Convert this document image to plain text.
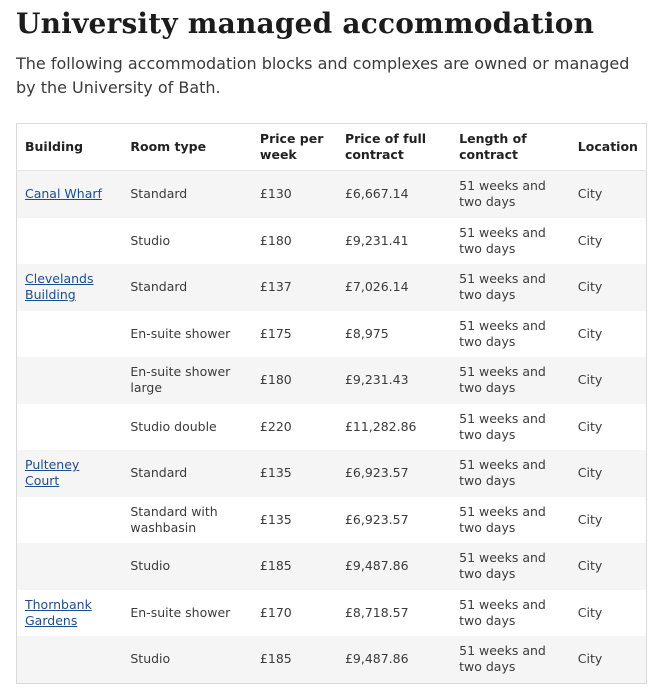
University managed accommodation

The following accommodation blocks and complexes are owned or managed by the University of Bath.

Building	Room type	Price per week	Price of full contract	Length of contract	Location
Canal Wharf	Standard	£130	£6,667.14	51 weeks and two days	City
	Studio	£180	£9,231.41	51 weeks and two days	City
Clevelands Building	Standard	£137	£7,026.14	51 weeks and two days	City
	En-suite shower	£175	£8,975	51 weeks and two days	City
	En-suite shower large	£180	£9,231.43	51 weeks and two days	City
	Studio double	£220	£11,282.86	51 weeks and two days	City
Pulteney Court	Standard	£135	£6,923.57	51 weeks and two days	City
	Standard with washbasin	£135	£6,923.57	51 weeks and two days	City
	Studio	£185	£9,487.86	51 weeks and two days	City
Thornbank Gardens	En-suite shower	£170	£8,718.57	51 weeks and two days	City
	Studio	£185	£9,487.86	51 weeks and two days	City
